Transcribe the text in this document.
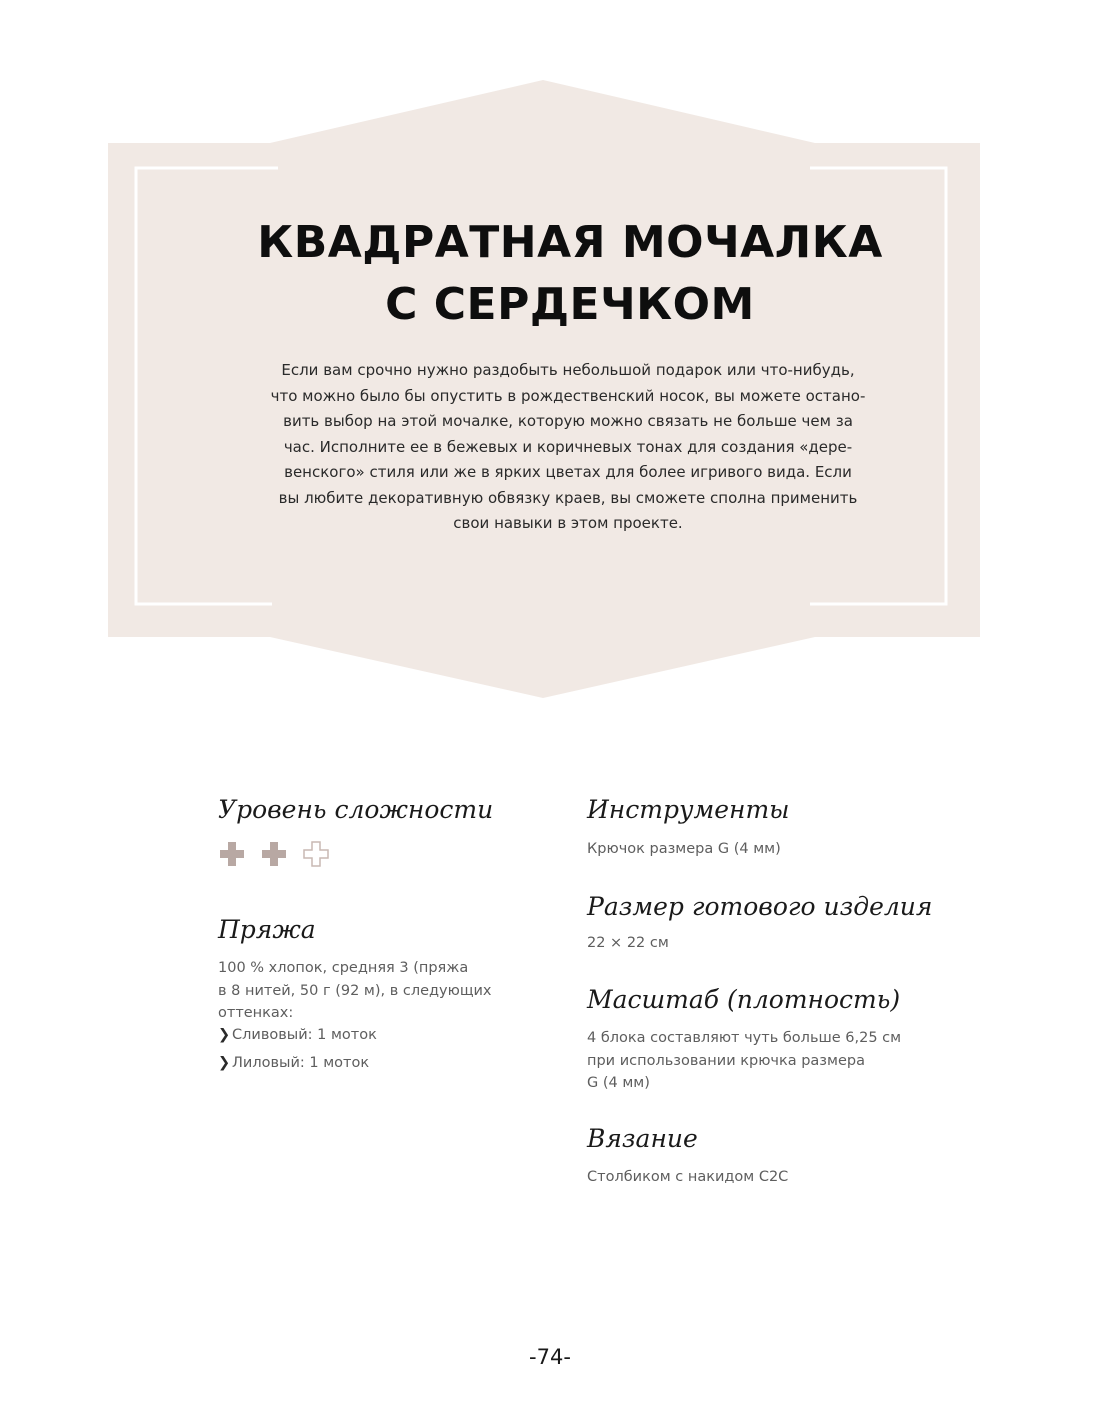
КВАДРАТНАЯ МОЧАЛКА
С СЕРДЕЧКОМ
Если вам срочно нужно раздобыть небольшой подарок или что-нибудь,
что можно было бы опустить в рождественский носок, вы можете остано-
вить выбор на этой мочалке, которую можно связать не больше чем за
час. Исполните ее в бежевых и коричневых тонах для создания «дере-
венского» стиля или же в ярких цветах для более игривого вида. Если
вы любите декоративную обвязку краев, вы сможете сполна применить
свои навыки в этом проекте.
Уровень сложности
Пряжа
100 % хлопок, средняя 3 (пряжа
в 8 нитей, 50 г (92 м), в следующих
оттенках:
❯ Сливовый: 1 моток
❯ Лиловый: 1 моток
Инструменты
Крючок размера G (4 мм)
Размер готового изделия
22 × 22 см
Масштаб (плотность)
4 блока составляют чуть больше 6,25 см
при использовании крючка размера
G (4 мм)
Вязание
Столбиком с накидом C2C
-74-
